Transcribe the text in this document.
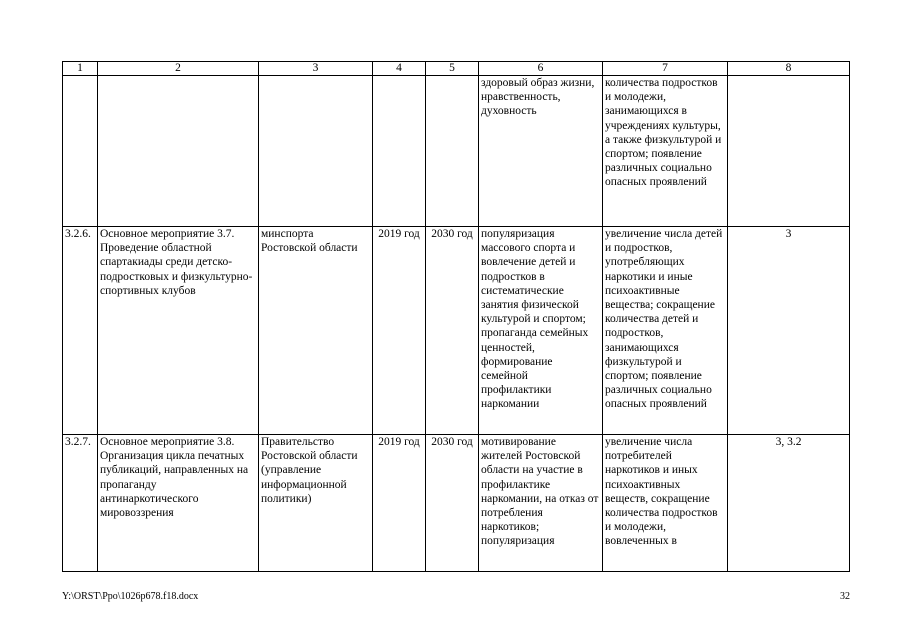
1	2	3	4	5	6	7	8
					здоровый образ жизни, нравственность, духовность	количества подростков и молодежи, занимающихся в учреждениях культуры, а также физкультурой и спортом; появление различных социально опасных проявлений	
3.2.6.	Основное мероприятие 3.7. Проведение областной спартакиады среди детско-подростковых и физкультурно-спортивных клубов	минспорта Ростовской области	2019 год	2030 год	популяризация массового спорта и вовлечение детей и подростков в систематические занятия физической культурой и спортом; пропаганда семейных ценностей, формирование семейной профилактики наркомании	увеличение числа детей и подростков, употребляющих наркотики и иные психоактивные вещества; сокращение количества детей и подростков, занимающихся физкультурой и спортом; появление различных социально опасных проявлений	3
3.2.7.	Основное мероприятие 3.8. Организация цикла печатных публикаций, направленных на пропаганду антинаркотического мировоззрения	Правительство Ростовской области (управление информационной политики)	2019 год	2030 год	мотивирование жителей Ростовской области на участие в профилактике наркомании, на отказ от потребления наркотиков; популяризация	увеличение числа потребителей наркотиков и иных психоактивных веществ, сокращение количества подростков и молодежи, вовлеченных в	3, 3.2
Y:\ORST\Ppo\1026p678.f18.docx	32
